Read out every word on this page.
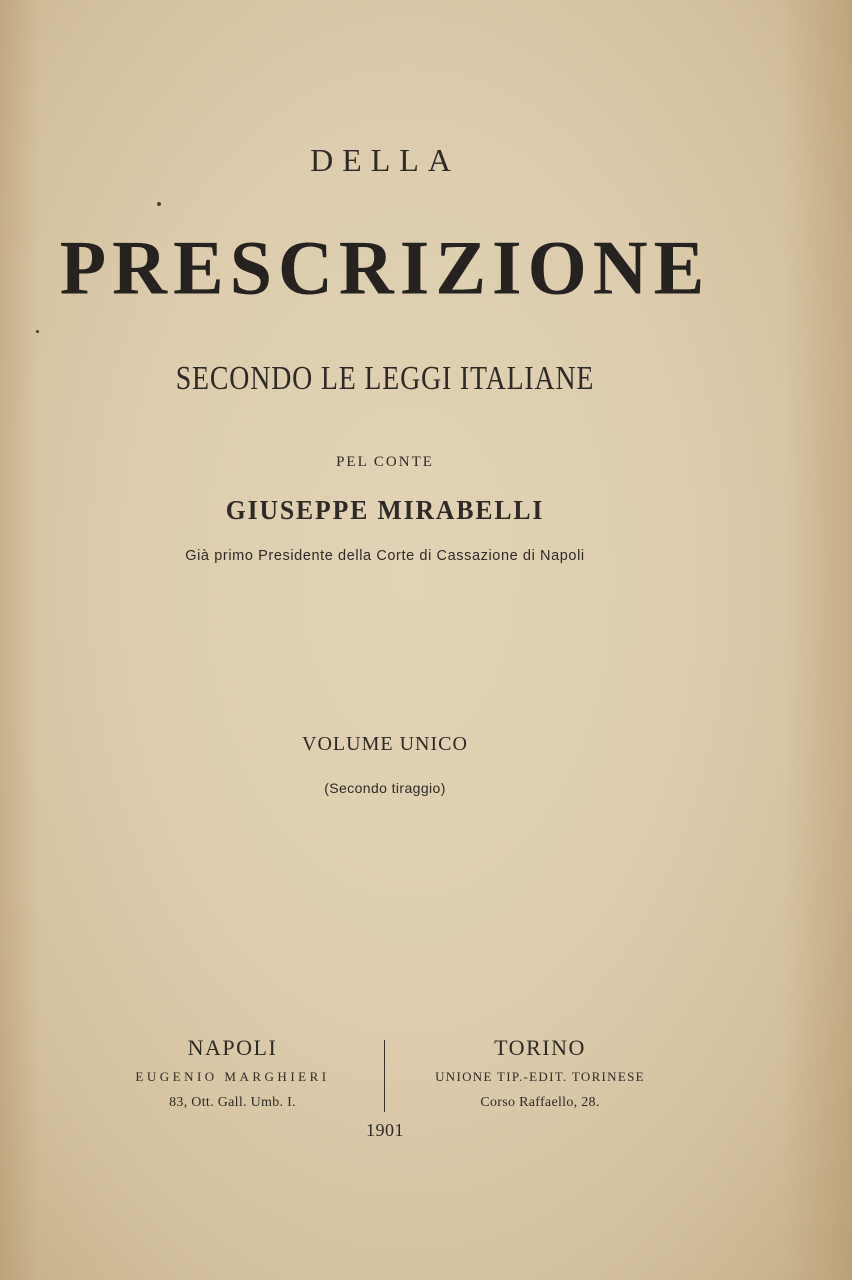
DELLA
PRESCRIZIONE
SECONDO LE LEGGI ITALIANE
PEL CONTE
GIUSEPPE MIRABELLI
Già primo Presidente della Corte di Cassazione di Napoli
VOLUME UNICO
(Secondo tiraggio)
NAPOLI
EUGENIO MARGHIERI
83, Ott. Gall. Umb. I.
TORINO
UNIONE TIP.-EDIT. TORINESE
Corso Raffaello, 28.
1901
